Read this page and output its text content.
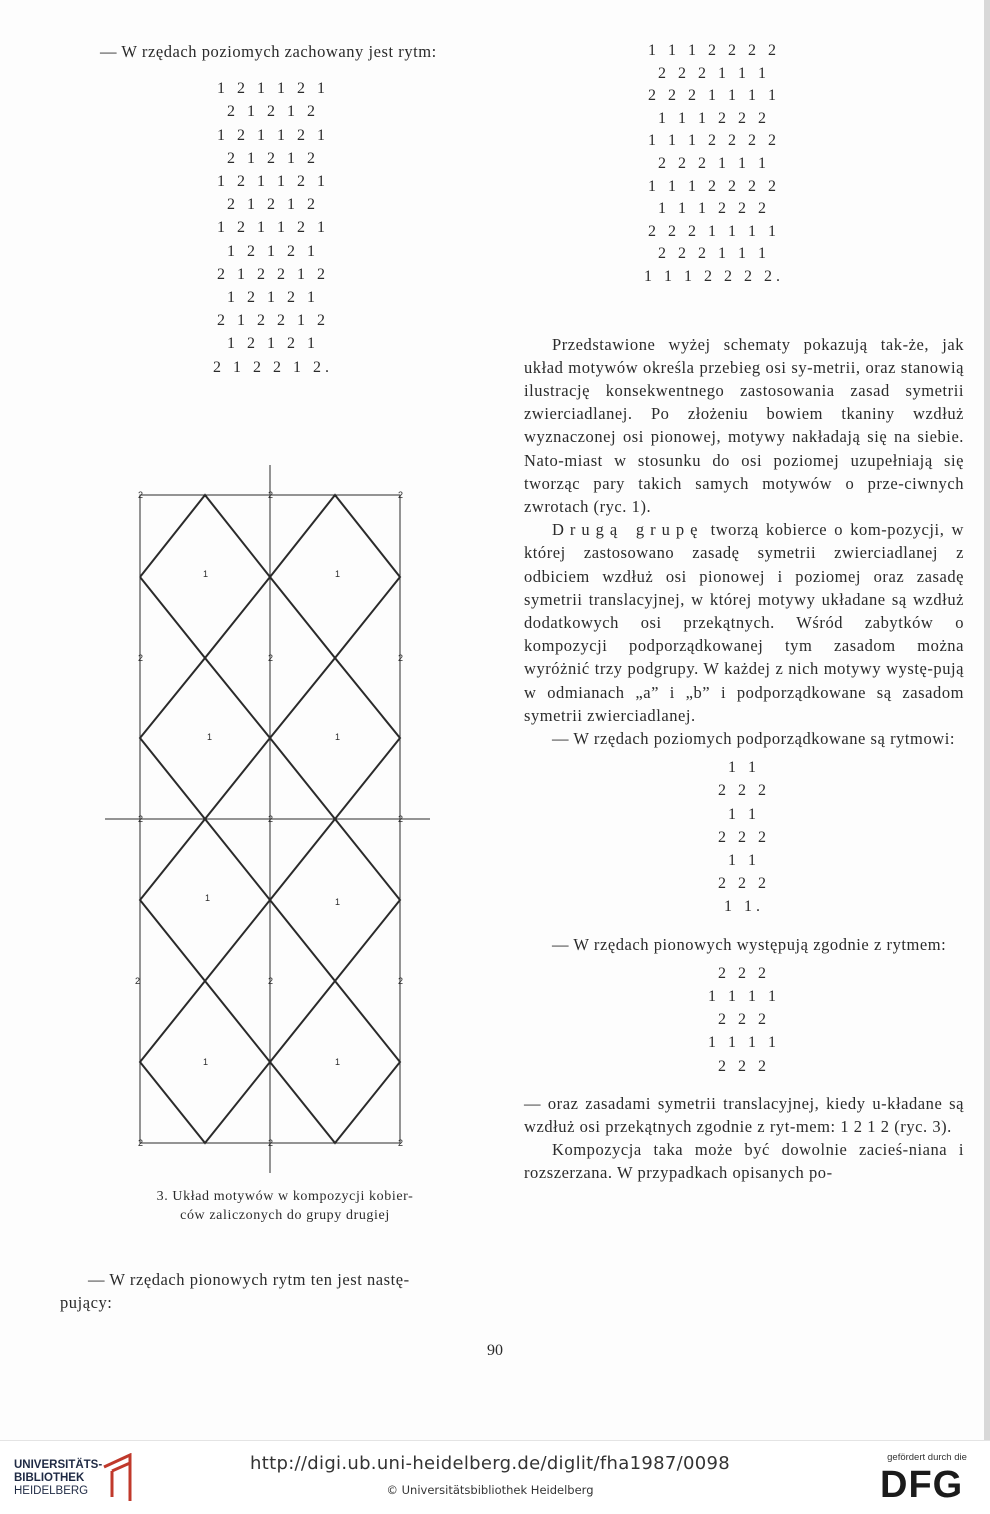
— W rzędach poziomych zachowany jest rytm:

1 2 1 1 2 1

2 1 2 1 2

1 2 1 1 2 1

2 1 2 1 2

1 2 1 1 2 1

2 1 2 1 2

1 2 1 1 2 1

1 2 1 2 1

2 1 2 2 1 2

1 2 1 2 1

2 1 2 2 1 2

1 2 1 2 1

2 1 2 2 1 2.

1	1
1	1
1	1
1	1
2	2	2
2	2	2
2	2	2
2	2	2
2	2	2

3. Układ motywów w kompozycji kobier-

ców zaliczonych do grupy drugiej

— W rzędach pionowych rytm ten jest nastę-

pujący:

1 1 1 2 2 2 2

2 2 2 1 1 1

2 2 2 1 1 1 1

1 1 1 2 2 2

1 1 1 2 2 2 2

2 2 2 1 1 1

1 1 1 2 2 2 2

1 1 1 2 2 2

2 2 2 1 1 1 1

2 2 2 1 1 1

1 1 1 2 2 2 2.

Przedstawione wyżej schematy pokazują tak-że, jak układ motywów określa przebieg osi sy-metrii, oraz stanowią ilustrację konsekwentnego zastosowania zasad symetrii zwierciadlanej. Po złożeniu bowiem tkaniny wzdłuż wyznaczonej osi pionowej, motywy nakładają się na siebie. Nato-miast w stosunku do osi poziomej uzupełniają się tworząc pary takich samych motywów o prze-ciwnych zwrotach (ryc. 1).

Drugą grupę tworzą kobierce o kom-pozycji, w której zastosowano zasadę symetrii zwierciadlanej z odbiciem wzdłuż osi pionowej i poziomej oraz zasadę symetrii translacyjnej, w której motywy układane są wzdłuż dodatkowych osi przekątnych. Wśród zabytków o kompozycji podporządkowanej tym zasadom można wyróżnić trzy podgrupy. W każdej z nich motywy wystę-pują w odmianach „a” i „b” i podporządkowane są zasadom symetrii zwierciadlanej.

— W rzędach poziomych podporządkowane są rytmowi:

1 1

2 2 2

1 1

2 2 2

1 1

2 2 2

1 1.

— W rzędach pionowych występują zgodnie z rytmem:

2 2 2

1 1 1 1

2 2 2

1 1 1 1

2 2 2

— oraz zasadami symetrii translacyjnej, kiedy u-kładane są wzdłuż osi przekątnych zgodnie z ryt-mem: 1 2 1 2 (ryc. 3).

Kompozycja taka może być dowolnie zacieś-niana i rozszerzana. W przypadkach opisanych po-

90
UNIVERSITÄTS-
BIBLIOTHEK
HEIDELBERG
http://digi.ub.uni-heidelberg.de/diglit/fha1987/0098
© Universitätsbibliothek Heidelberg
gefördert durch die
DFG
